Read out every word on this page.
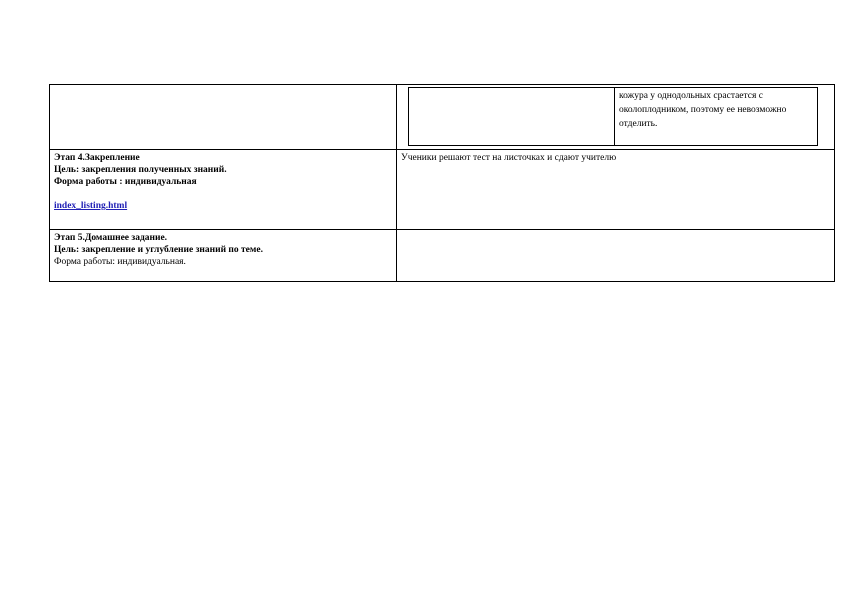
	кожура у однодольных срастается с околоплодником, поэтому ее невозможно отделить.

Этап 4.Закрепление
Цель: закрепления полученных знаний.
Форма работы : индивидуальная
index_listing.html
	Ученики решают тест на листочках и сдают учителю

Этап 5.Домашнее задание.
Цель: закрепление и углубление знаний по теме.
Форма работы: индивидуальная.
